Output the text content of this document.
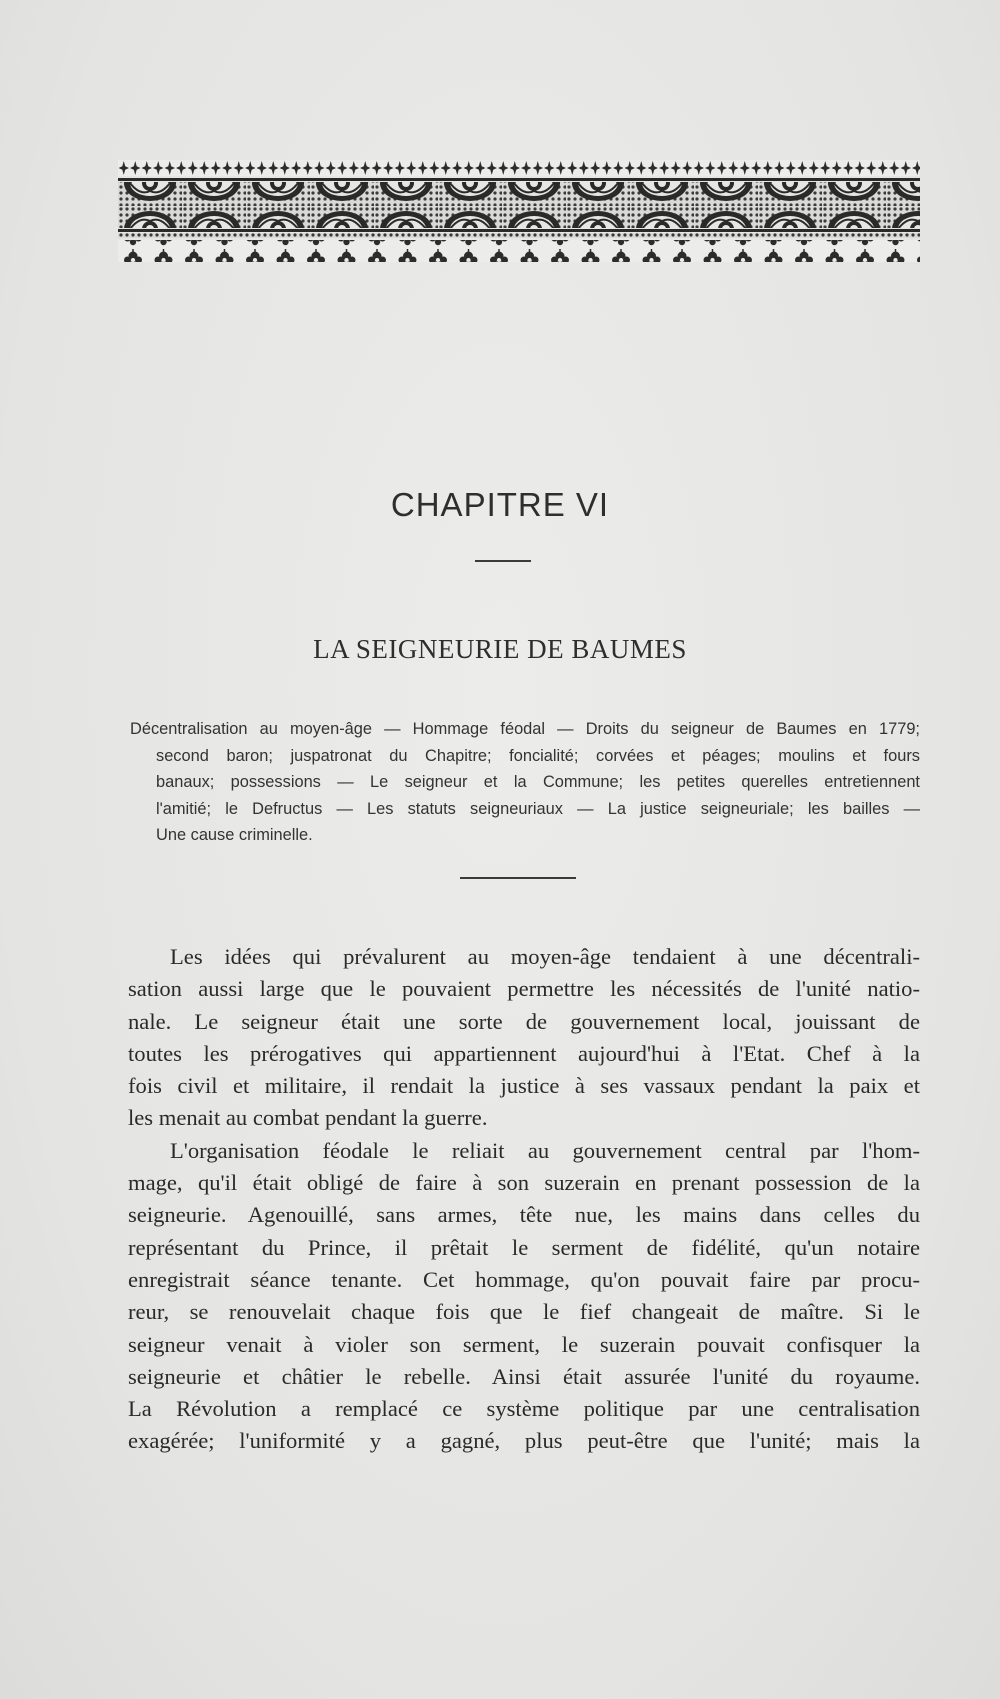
CHAPITRE VI
LA SEIGNEURIE DE BAUMES
Décentralisation au moyen-âge — Hommage féodal — Droits du seigneur de Baumes en 1779;
second baron; juspatronat du Chapitre; foncialité; corvées et péages; moulins et fours
banaux; possessions — Le seigneur et la Commune; les petites querelles entretiennent
l'amitié; le Defructus — Les statuts seigneuriaux — La justice seigneuriale; les bailles —
Une cause criminelle.
Les idées qui prévalurent au moyen-âge tendaient à une décentrali-
sation aussi large que le pouvaient permettre les nécessités de l'unité natio-
nale. Le seigneur était une sorte de gouvernement local, jouissant de
toutes les prérogatives qui appartiennent aujourd'hui à l'Etat. Chef à la
fois civil et militaire, il rendait la justice à ses vassaux pendant la paix et
les menait au combat pendant la guerre.
L'organisation féodale le reliait au gouvernement central par l'hom-
mage, qu'il était obligé de faire à son suzerain en prenant possession de la
seigneurie. Agenouillé, sans armes, tête nue, les mains dans celles du
représentant du Prince, il prêtait le serment de fidélité, qu'un notaire
enregistrait séance tenante. Cet hommage, qu'on pouvait faire par procu-
reur, se renouvelait chaque fois que le fief changeait de maître. Si le
seigneur venait à violer son serment, le suzerain pouvait confisquer la
seigneurie et châtier le rebelle. Ainsi était assurée l'unité du royaume.
La Révolution a remplacé ce système politique par une centralisation
exagérée; l'uniformité y a gagné, plus peut-être que l'unité; mais la
